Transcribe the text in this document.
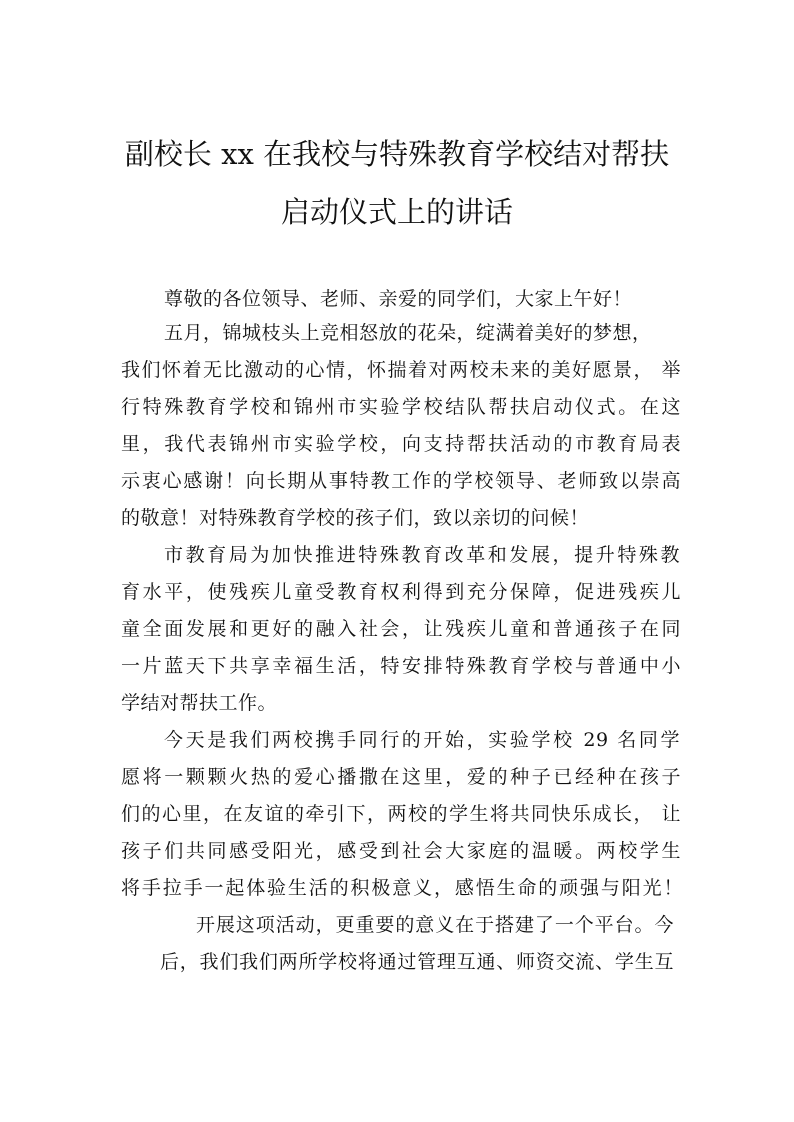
副校长 xx 在我校与特殊教育学校结对帮扶
启动仪式上的讲话
尊敬的各位领导、老师、亲爱的同学们，大家上午好！
五月，锦城枝头上竞相怒放的花朵，绽满着美好的梦想，
我们怀着无比激动的心情，怀揣着对两校未来的美好愿景， 举
行特殊教育学校和锦州市实验学校结队帮扶启动仪式。在这
里，我代表锦州市实验学校，向支持帮扶活动的市教育局表
示衷心感谢！向长期从事特教工作的学校领导、老师致以崇高
的敬意！对特殊教育学校的孩子们，致以亲切的问候！
市教育局为加快推进特殊教育改革和发展，提升特殊教
育水平，使残疾儿童受教育权利得到充分保障，促进残疾儿
童全面发展和更好的融入社会，让残疾儿童和普通孩子在同
一片蓝天下共享幸福生活，特安排特殊教育学校与普通中小
学结对帮扶工作。
今天是我们两校携手同行的开始，实验学校 29 名同学
愿将一颗颗火热的爱心播撒在这里，爱的种子已经种在孩子
们的心里，在友谊的牵引下，两校的学生将共同快乐成长， 让
孩子们共同感受阳光，感受到社会大家庭的温暖。两校学生
将手拉手一起体验生活的积极意义，感悟生命的顽强与阳光！
开展这项活动，更重要的意义在于搭建了一个平台。今
后，我们我们两所学校将通过管理互通、师资交流、学生互
